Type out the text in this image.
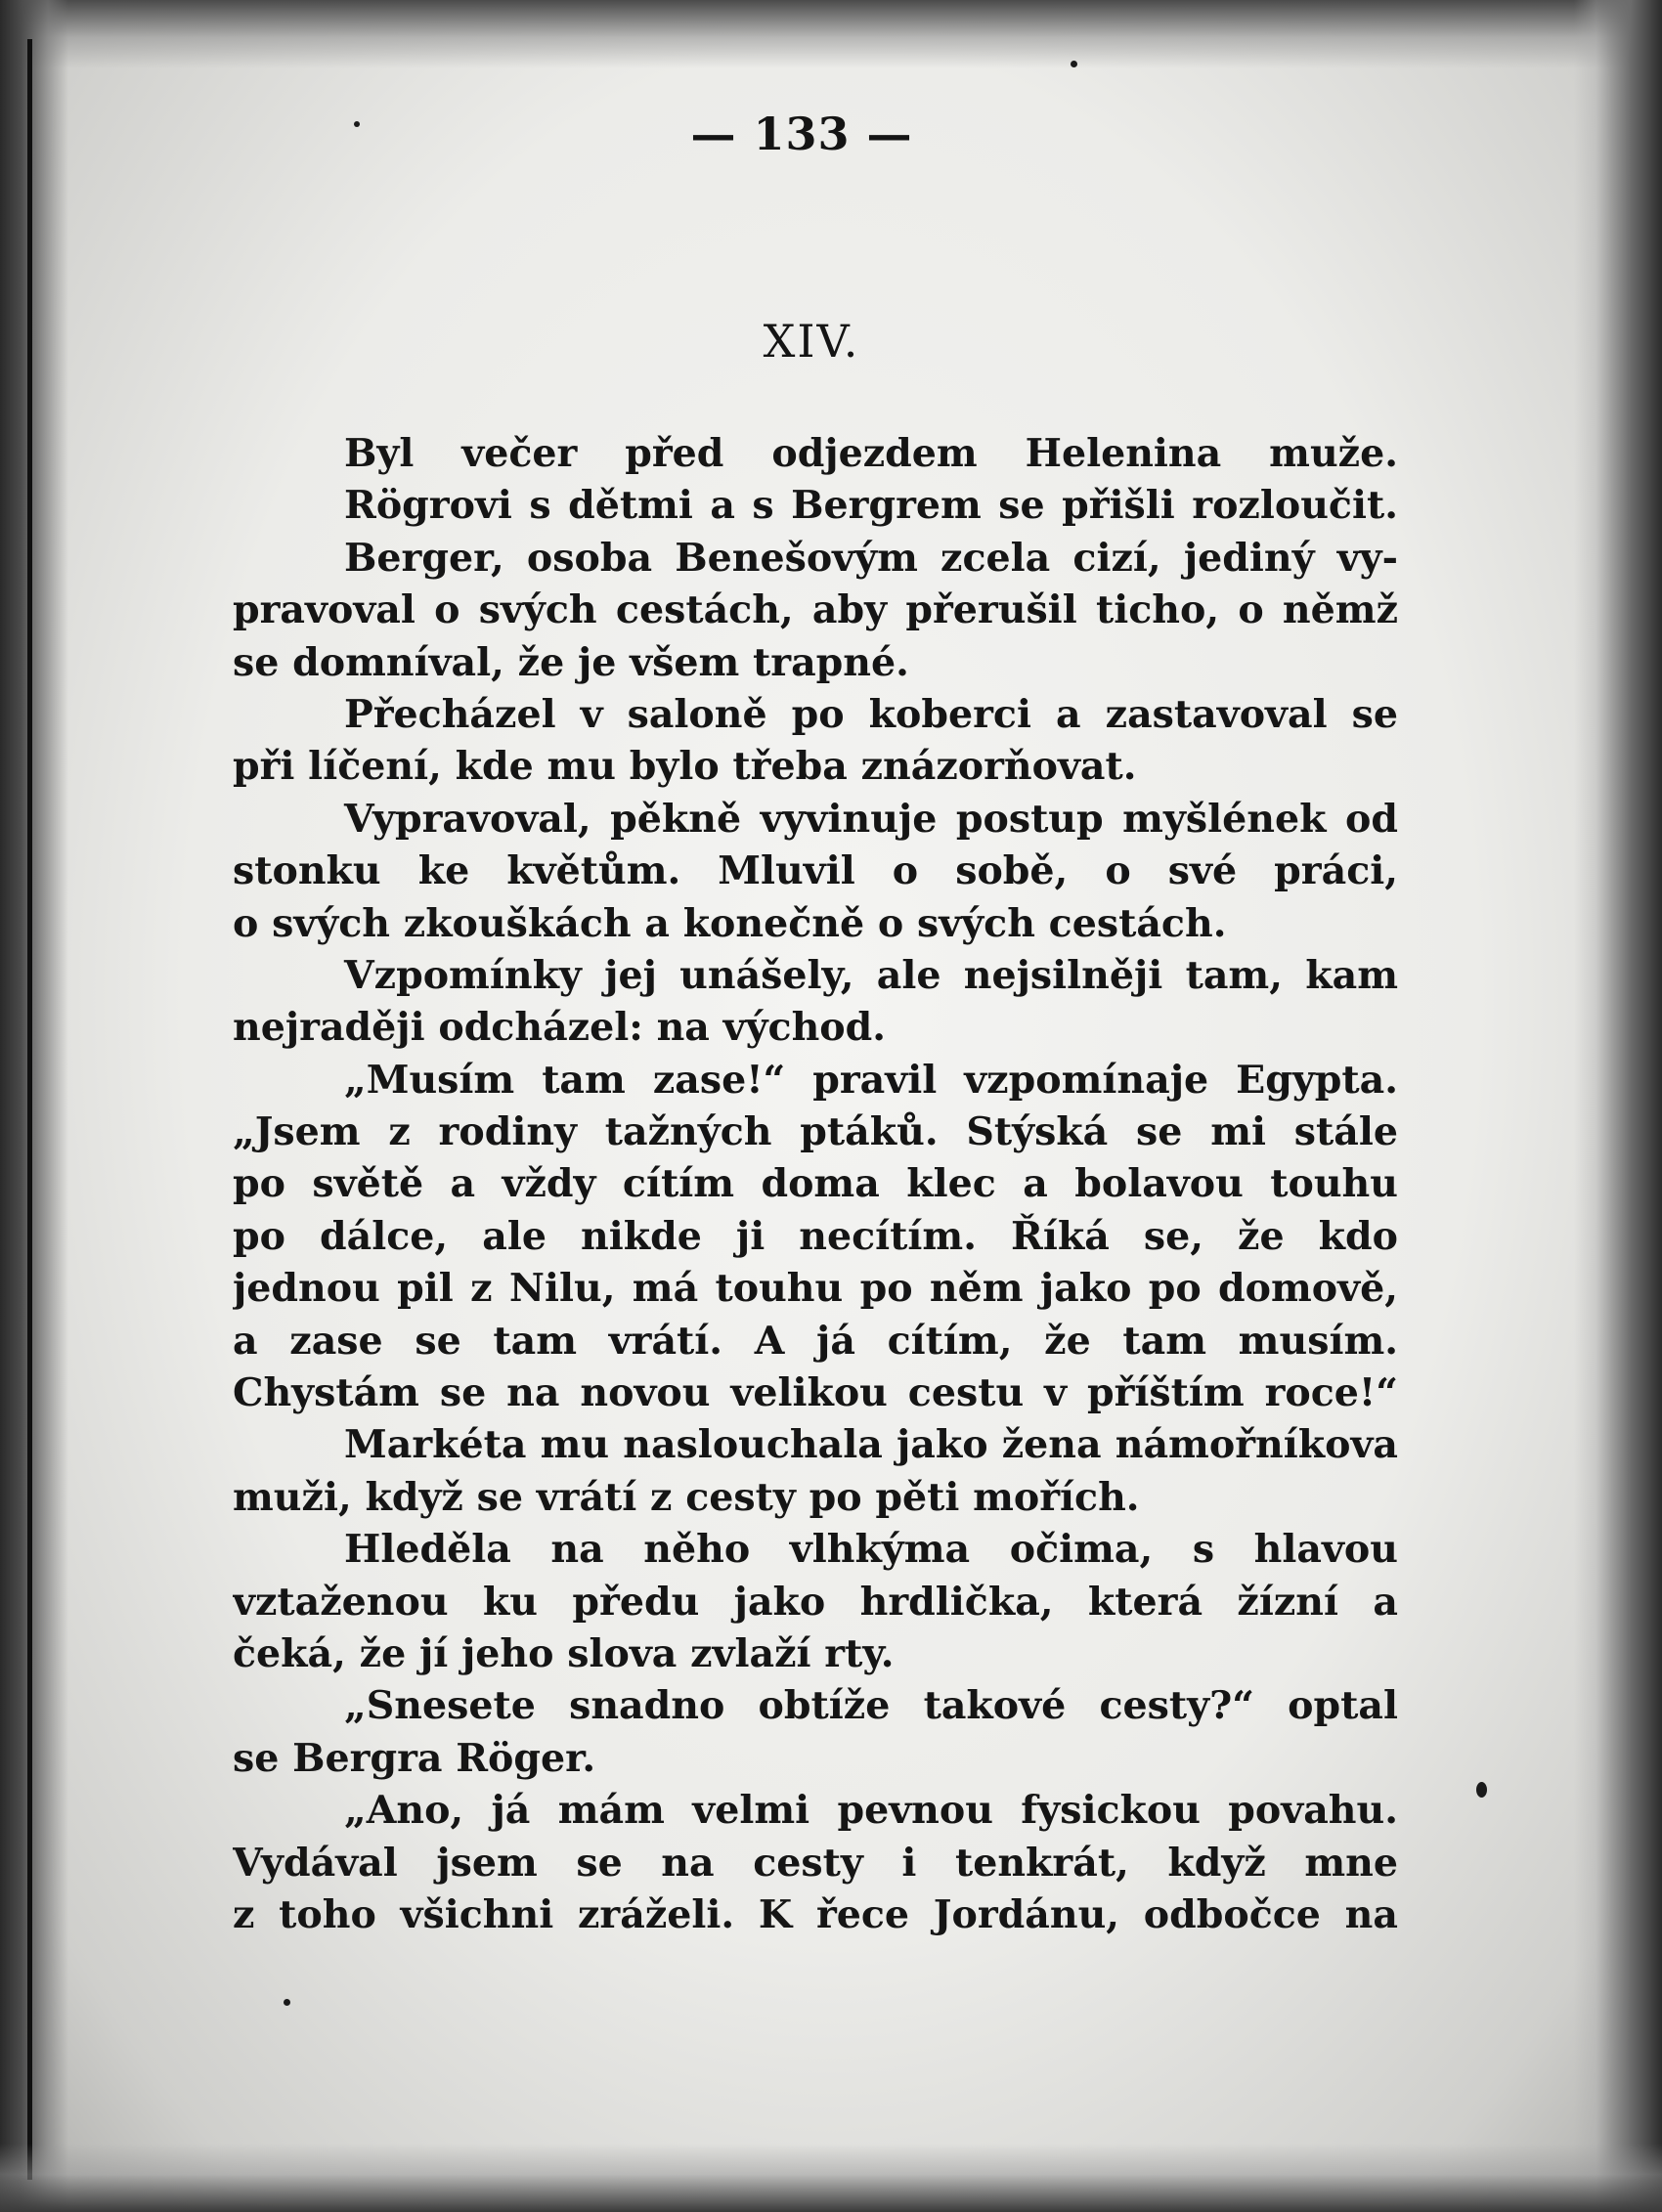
— 133 —
XIV.
Byl večer před odjezdem Helenina muže.
Rögrovi s dětmi a s Bergrem se přišli rozloučit.
Berger, osoba Benešovým zcela cizí, jediný vy-
pravoval o svých cestách, aby přerušil ticho, o němž
se domníval, že je všem trapné.
Přecházel v saloně po koberci a zastavoval se
při líčení, kde mu bylo třeba znázorňovat.
Vypravoval, pěkně vyvinuje postup myšlének od
stonku ke květům. Mluvil o sobě, o své práci,
o svých zkouškách a konečně o svých cestách.
Vzpomínky jej unášely, ale nejsilněji tam, kam
nejraději odcházel: na východ.
„Musím tam zase!“ pravil vzpomínaje Egypta.
„Jsem z rodiny tažných ptáků. Stýská se mi stále
po světě a vždy cítím doma klec a bolavou touhu
po dálce, ale nikde ji necítím. Říká se, že kdo
jednou pil z Nilu, má touhu po něm jako po domově,
a zase se tam vrátí. A já cítím, že tam musím.
Chystám se na novou velikou cestu v příštím roce!“
Markéta mu naslouchala jako žena námořníkova
muži, když se vrátí z cesty po pěti mořích.
Hleděla na něho vlhkýma očima, s hlavou
vztaženou ku předu jako hrdlička, která žízní a
čeká, že jí jeho slova zvlaží rty.
„Snesete snadno obtíže takové cesty?“ optal
se Bergra Röger.
„Ano, já mám velmi pevnou fysickou povahu.
Vydával jsem se na cesty i tenkrát, když mne
z toho všichni zráželi. K řece Jordánu, odbočce na
